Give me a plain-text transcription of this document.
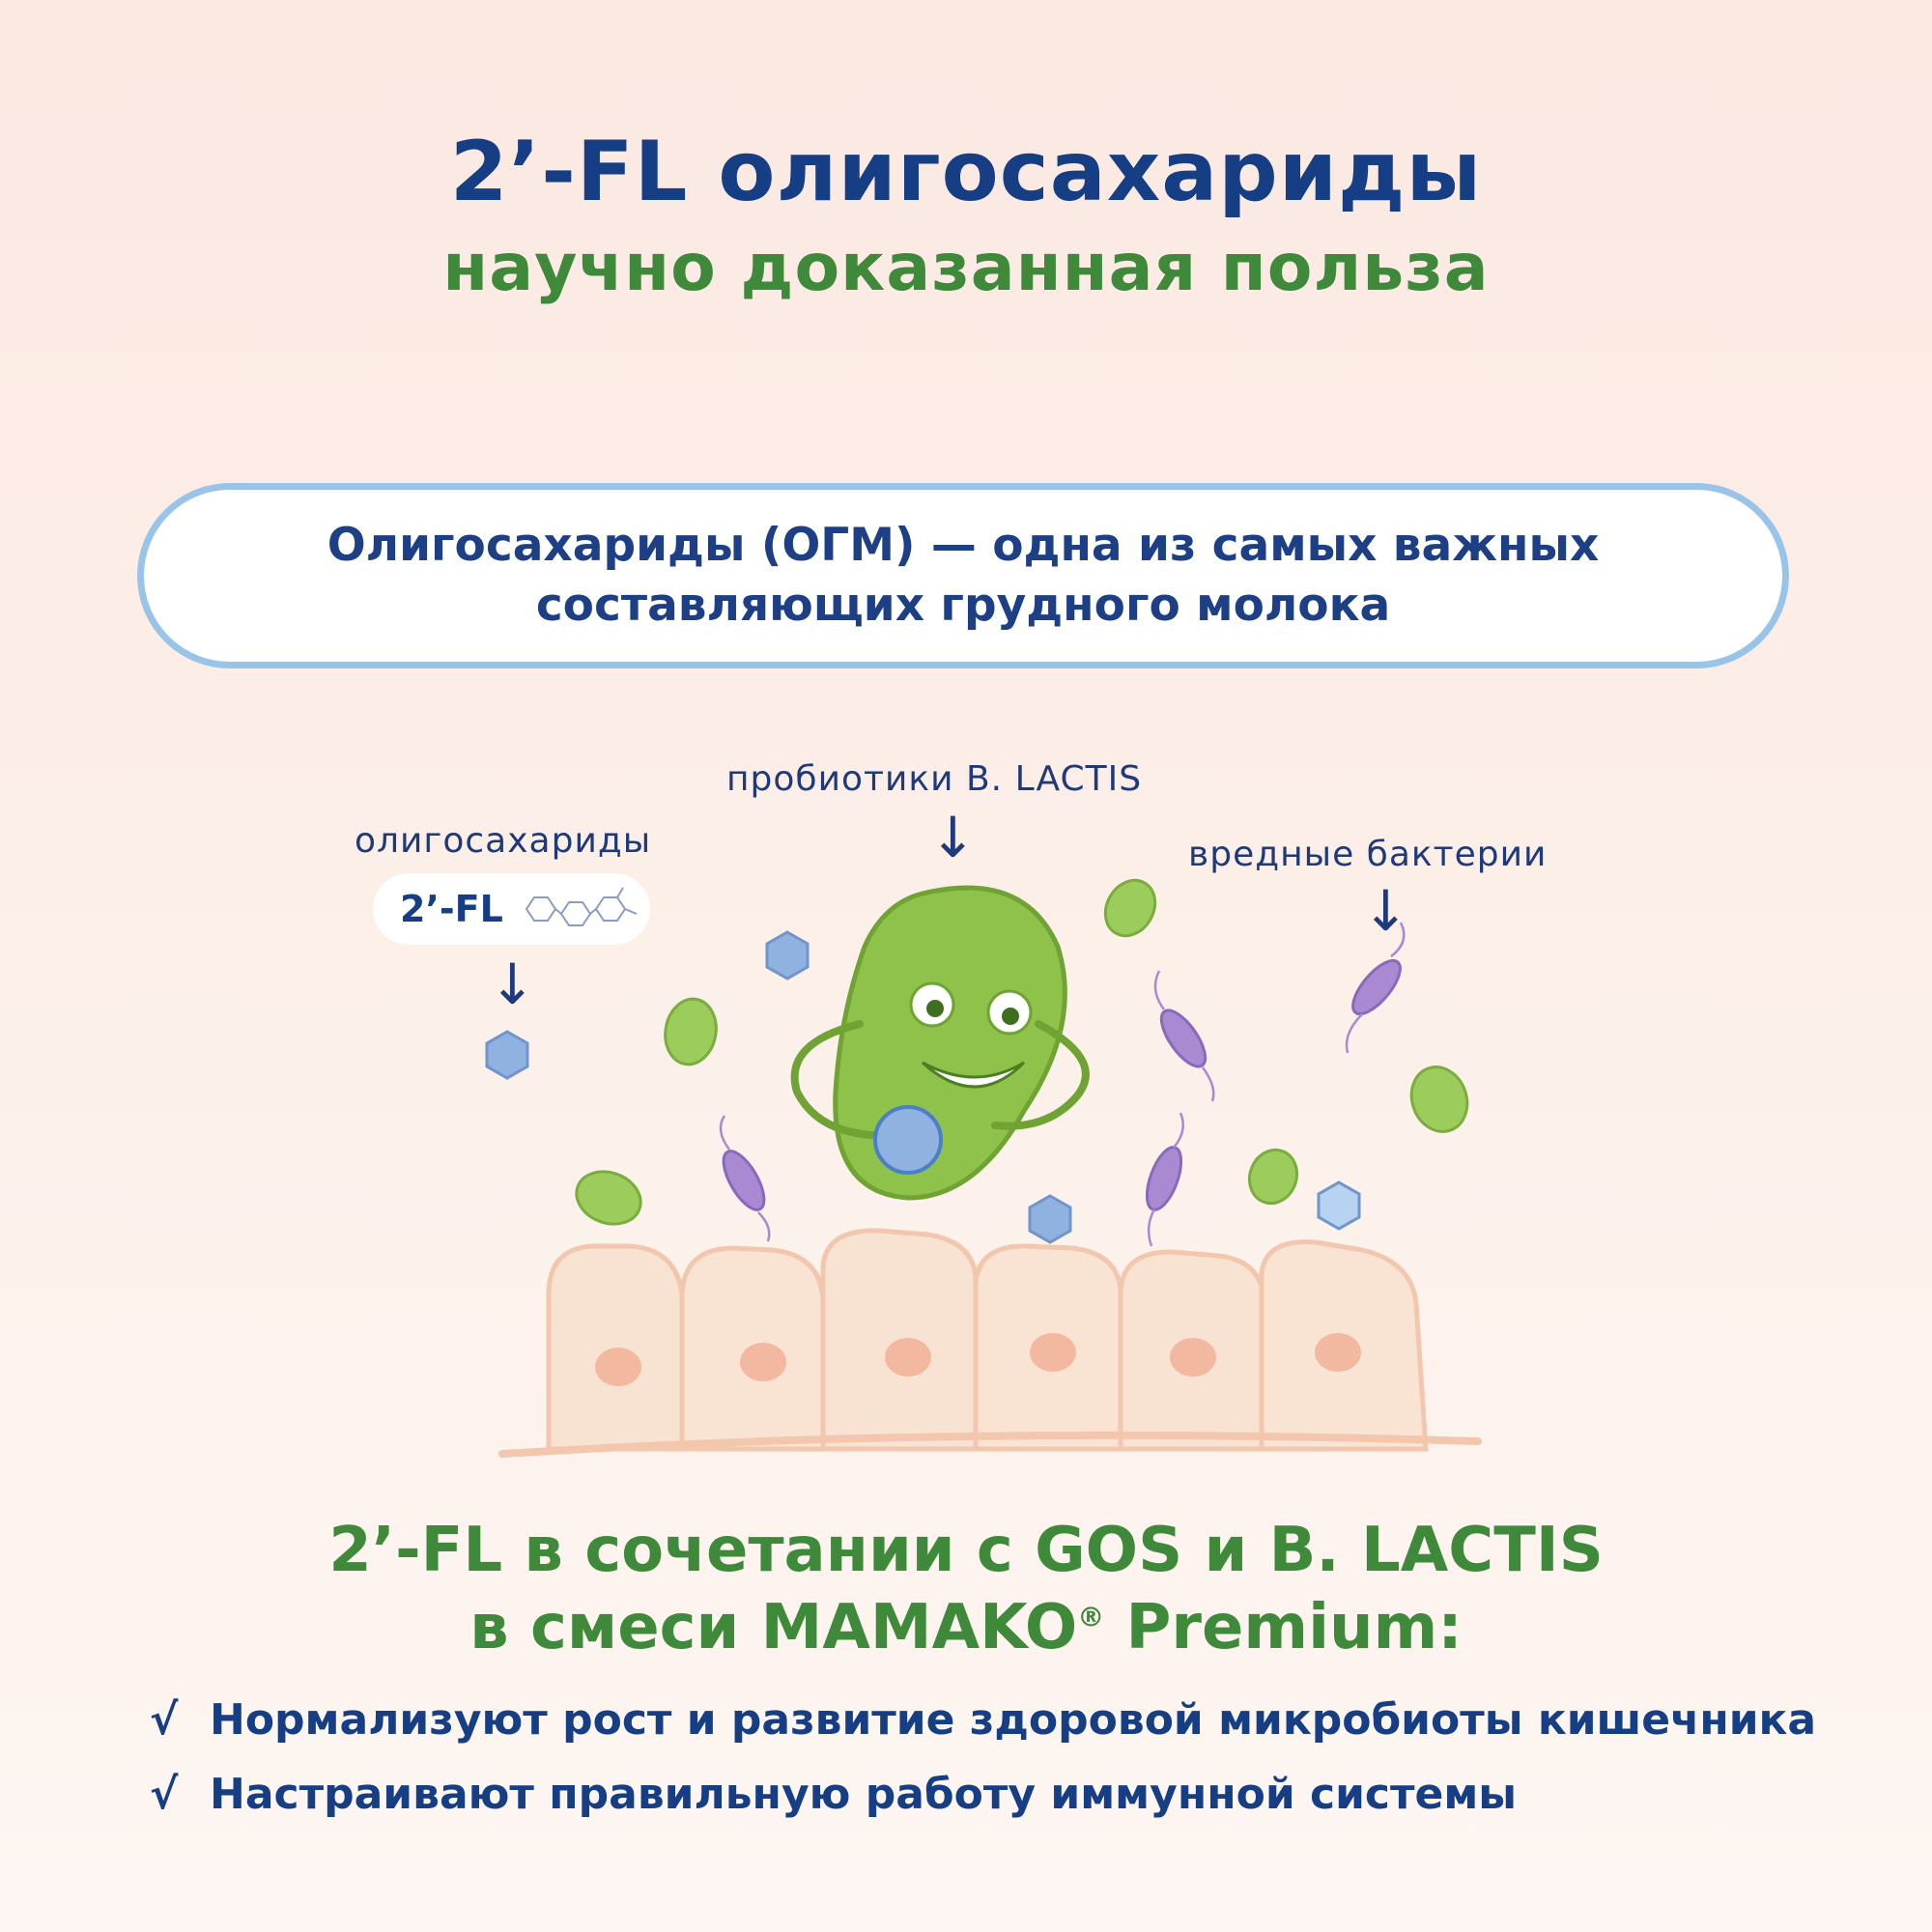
2’-FL олигосахариды
научно доказанная польза
Олигосахариды (ОГМ) — одна из самых важных
составляющих грудного молока
олигосахариды
2’-FL
↓
пробиотики B. LACTIS
↓	вредные бактерии
↓
2’-FL в сочетании с GOS и B. LACTIS
в смеси MAMAKO® Premium:
√ Нормализуют рост и развитие здоровой микробиоты кишечника
√ Настраивают правильную работу иммунной системы
